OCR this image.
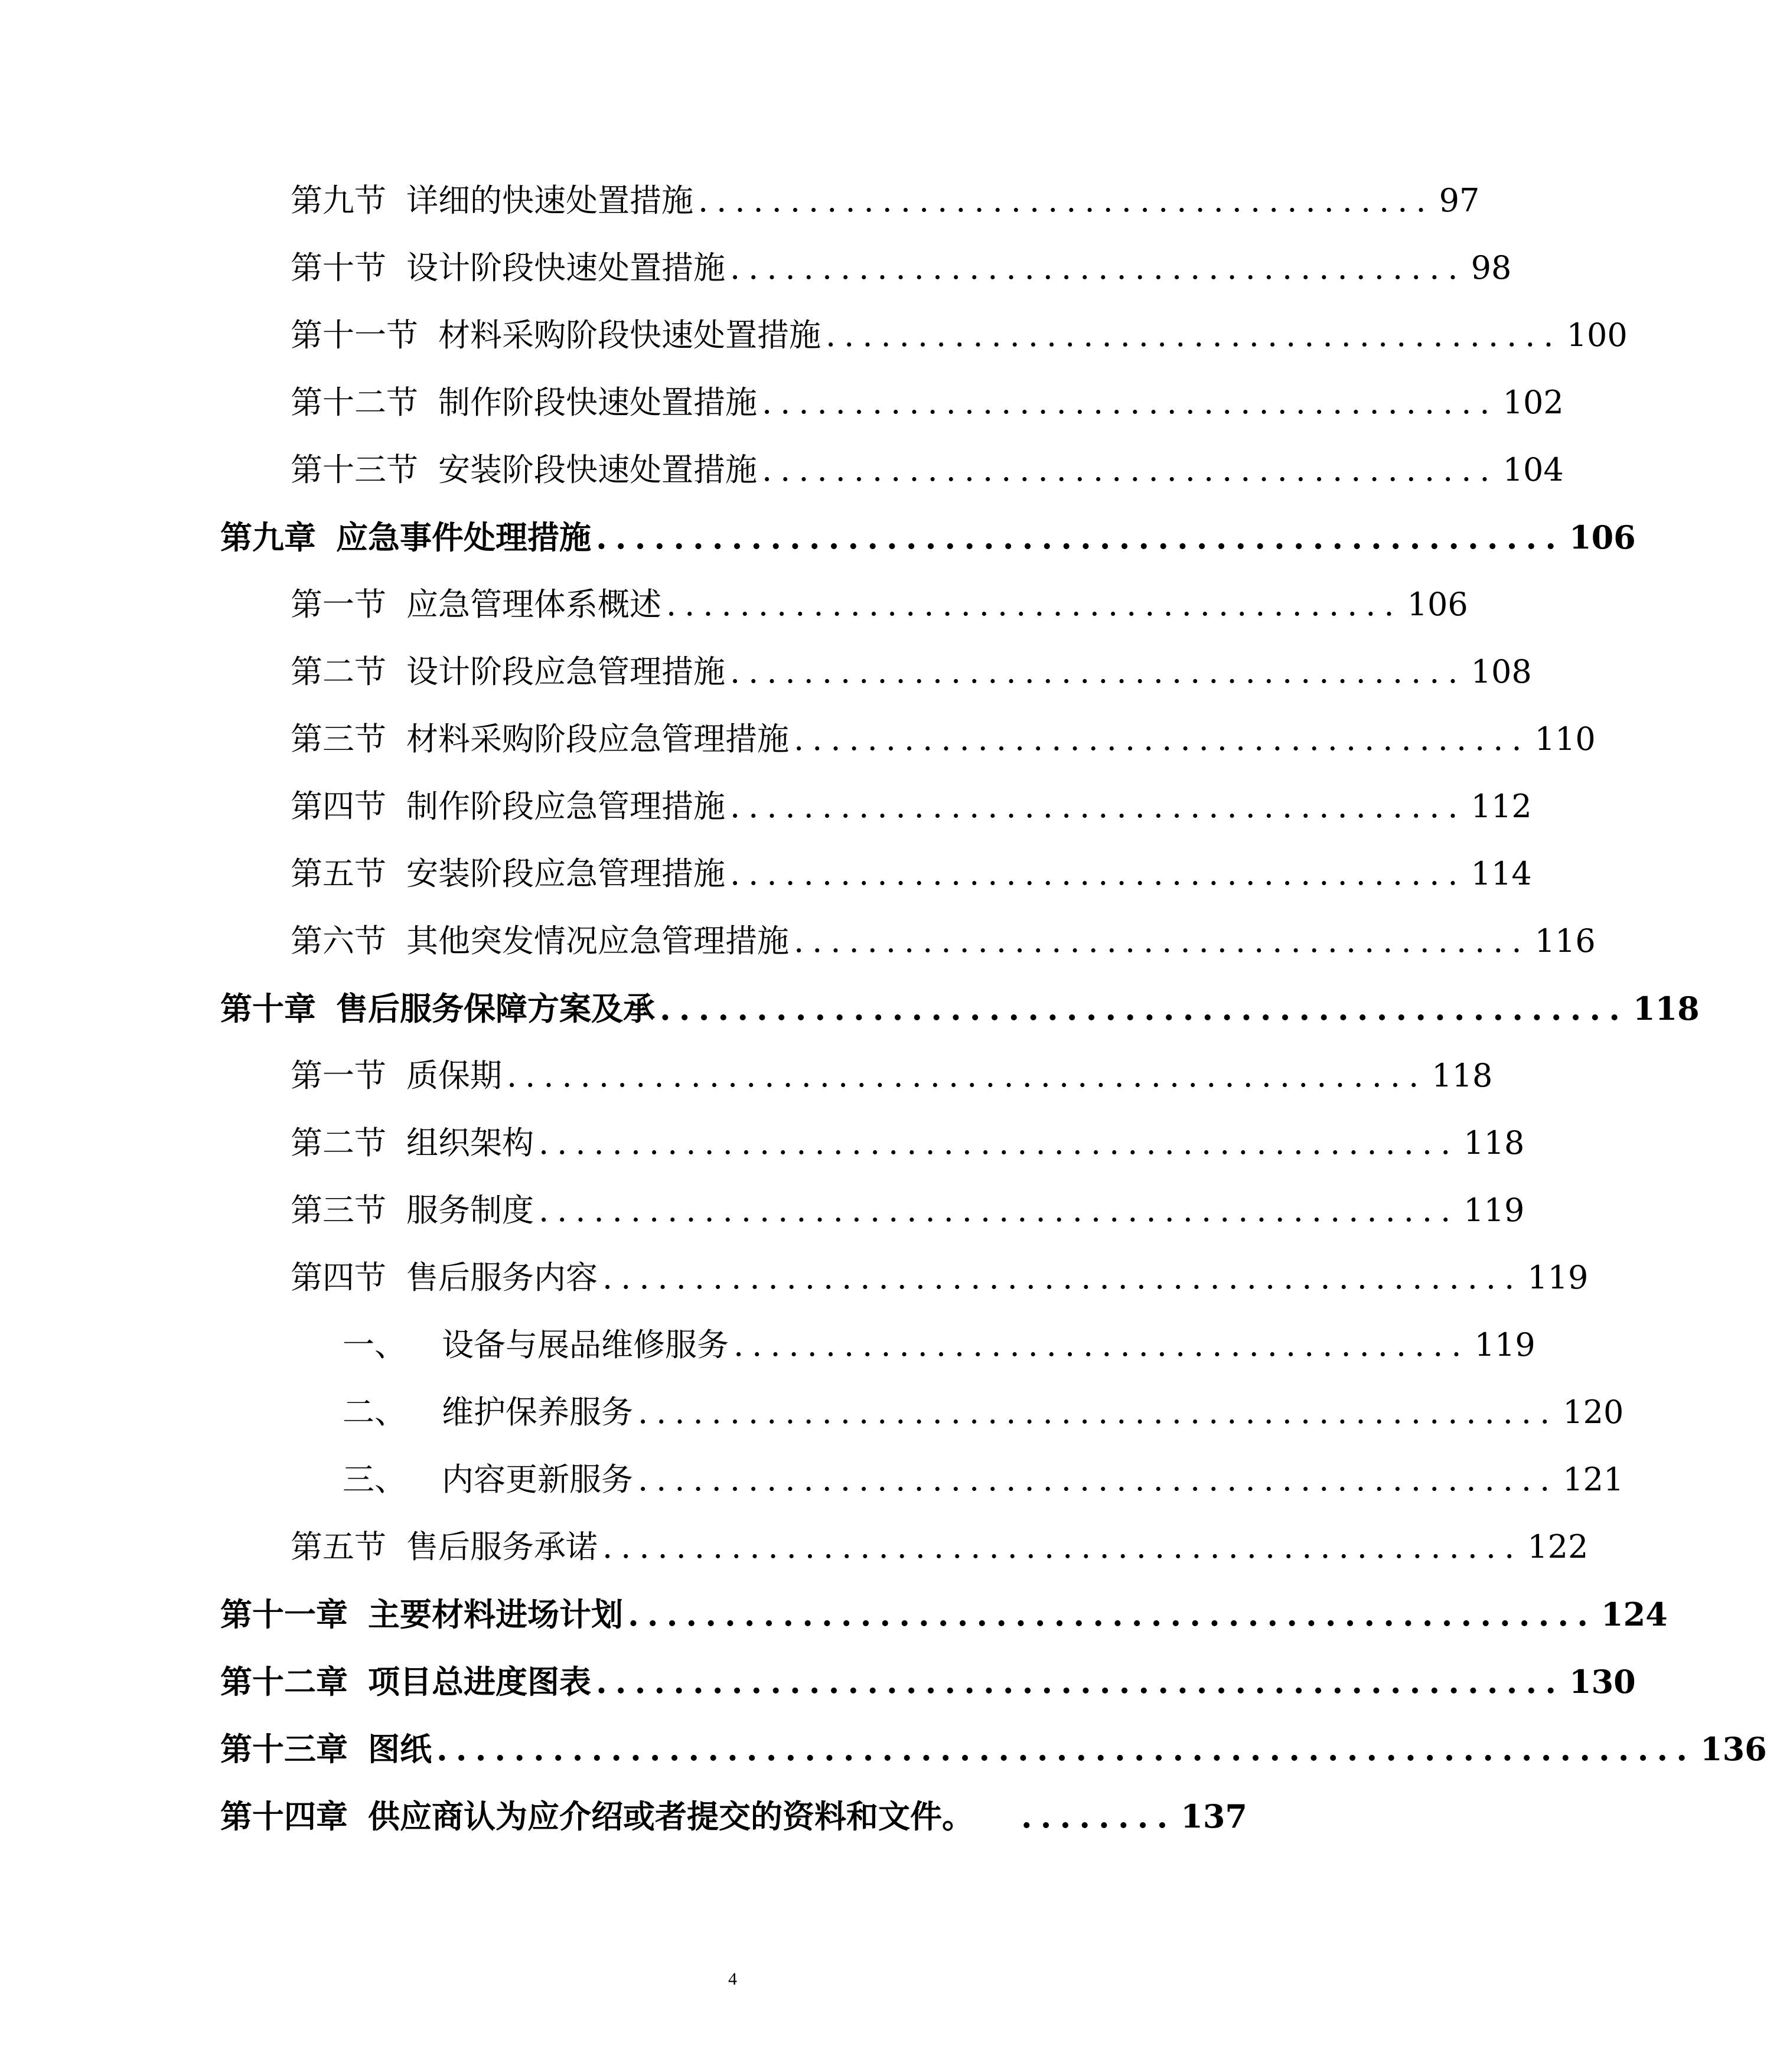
第九节 详细的快速处置措施 ........................................ 97
第十节 设计阶段快速处置措施 ........................................ 98
第十一节 材料采购阶段快速处置措施 ........................................ 100
第十二节 制作阶段快速处置措施 ........................................ 102
第十三节 安装阶段快速处置措施 ........................................ 104
第九章 应急事件处理措施 .................................................. 106
第一节 应急管理体系概述 ........................................ 106
第二节 设计阶段应急管理措施 ........................................ 108
第三节 材料采购阶段应急管理措施 ........................................ 110
第四节 制作阶段应急管理措施 ........................................ 112
第五节 安装阶段应急管理措施 ........................................ 114
第六节 其他突发情况应急管理措施 ........................................ 116
第十章 售后服务保障方案及承 .................................................. 118
第一节 质保期 .................................................. 118
第二节 组织架构 .................................................. 118
第三节 服务制度 .................................................. 119
第四节 售后服务内容 .................................................. 119
一、 设备与展品维修服务 ........................................ 119
二、 维护保养服务 .................................................. 120
三、 内容更新服务 .................................................. 121
第五节 售后服务承诺 .................................................. 122
第十一章 主要材料进场计划 .................................................. 124
第十二章 项目总进度图表 .................................................. 130
第十三章 图纸 ................................................................. 136
第十四章 供应商认为应介绍或者提交的资料和文件。	........ 137
4
